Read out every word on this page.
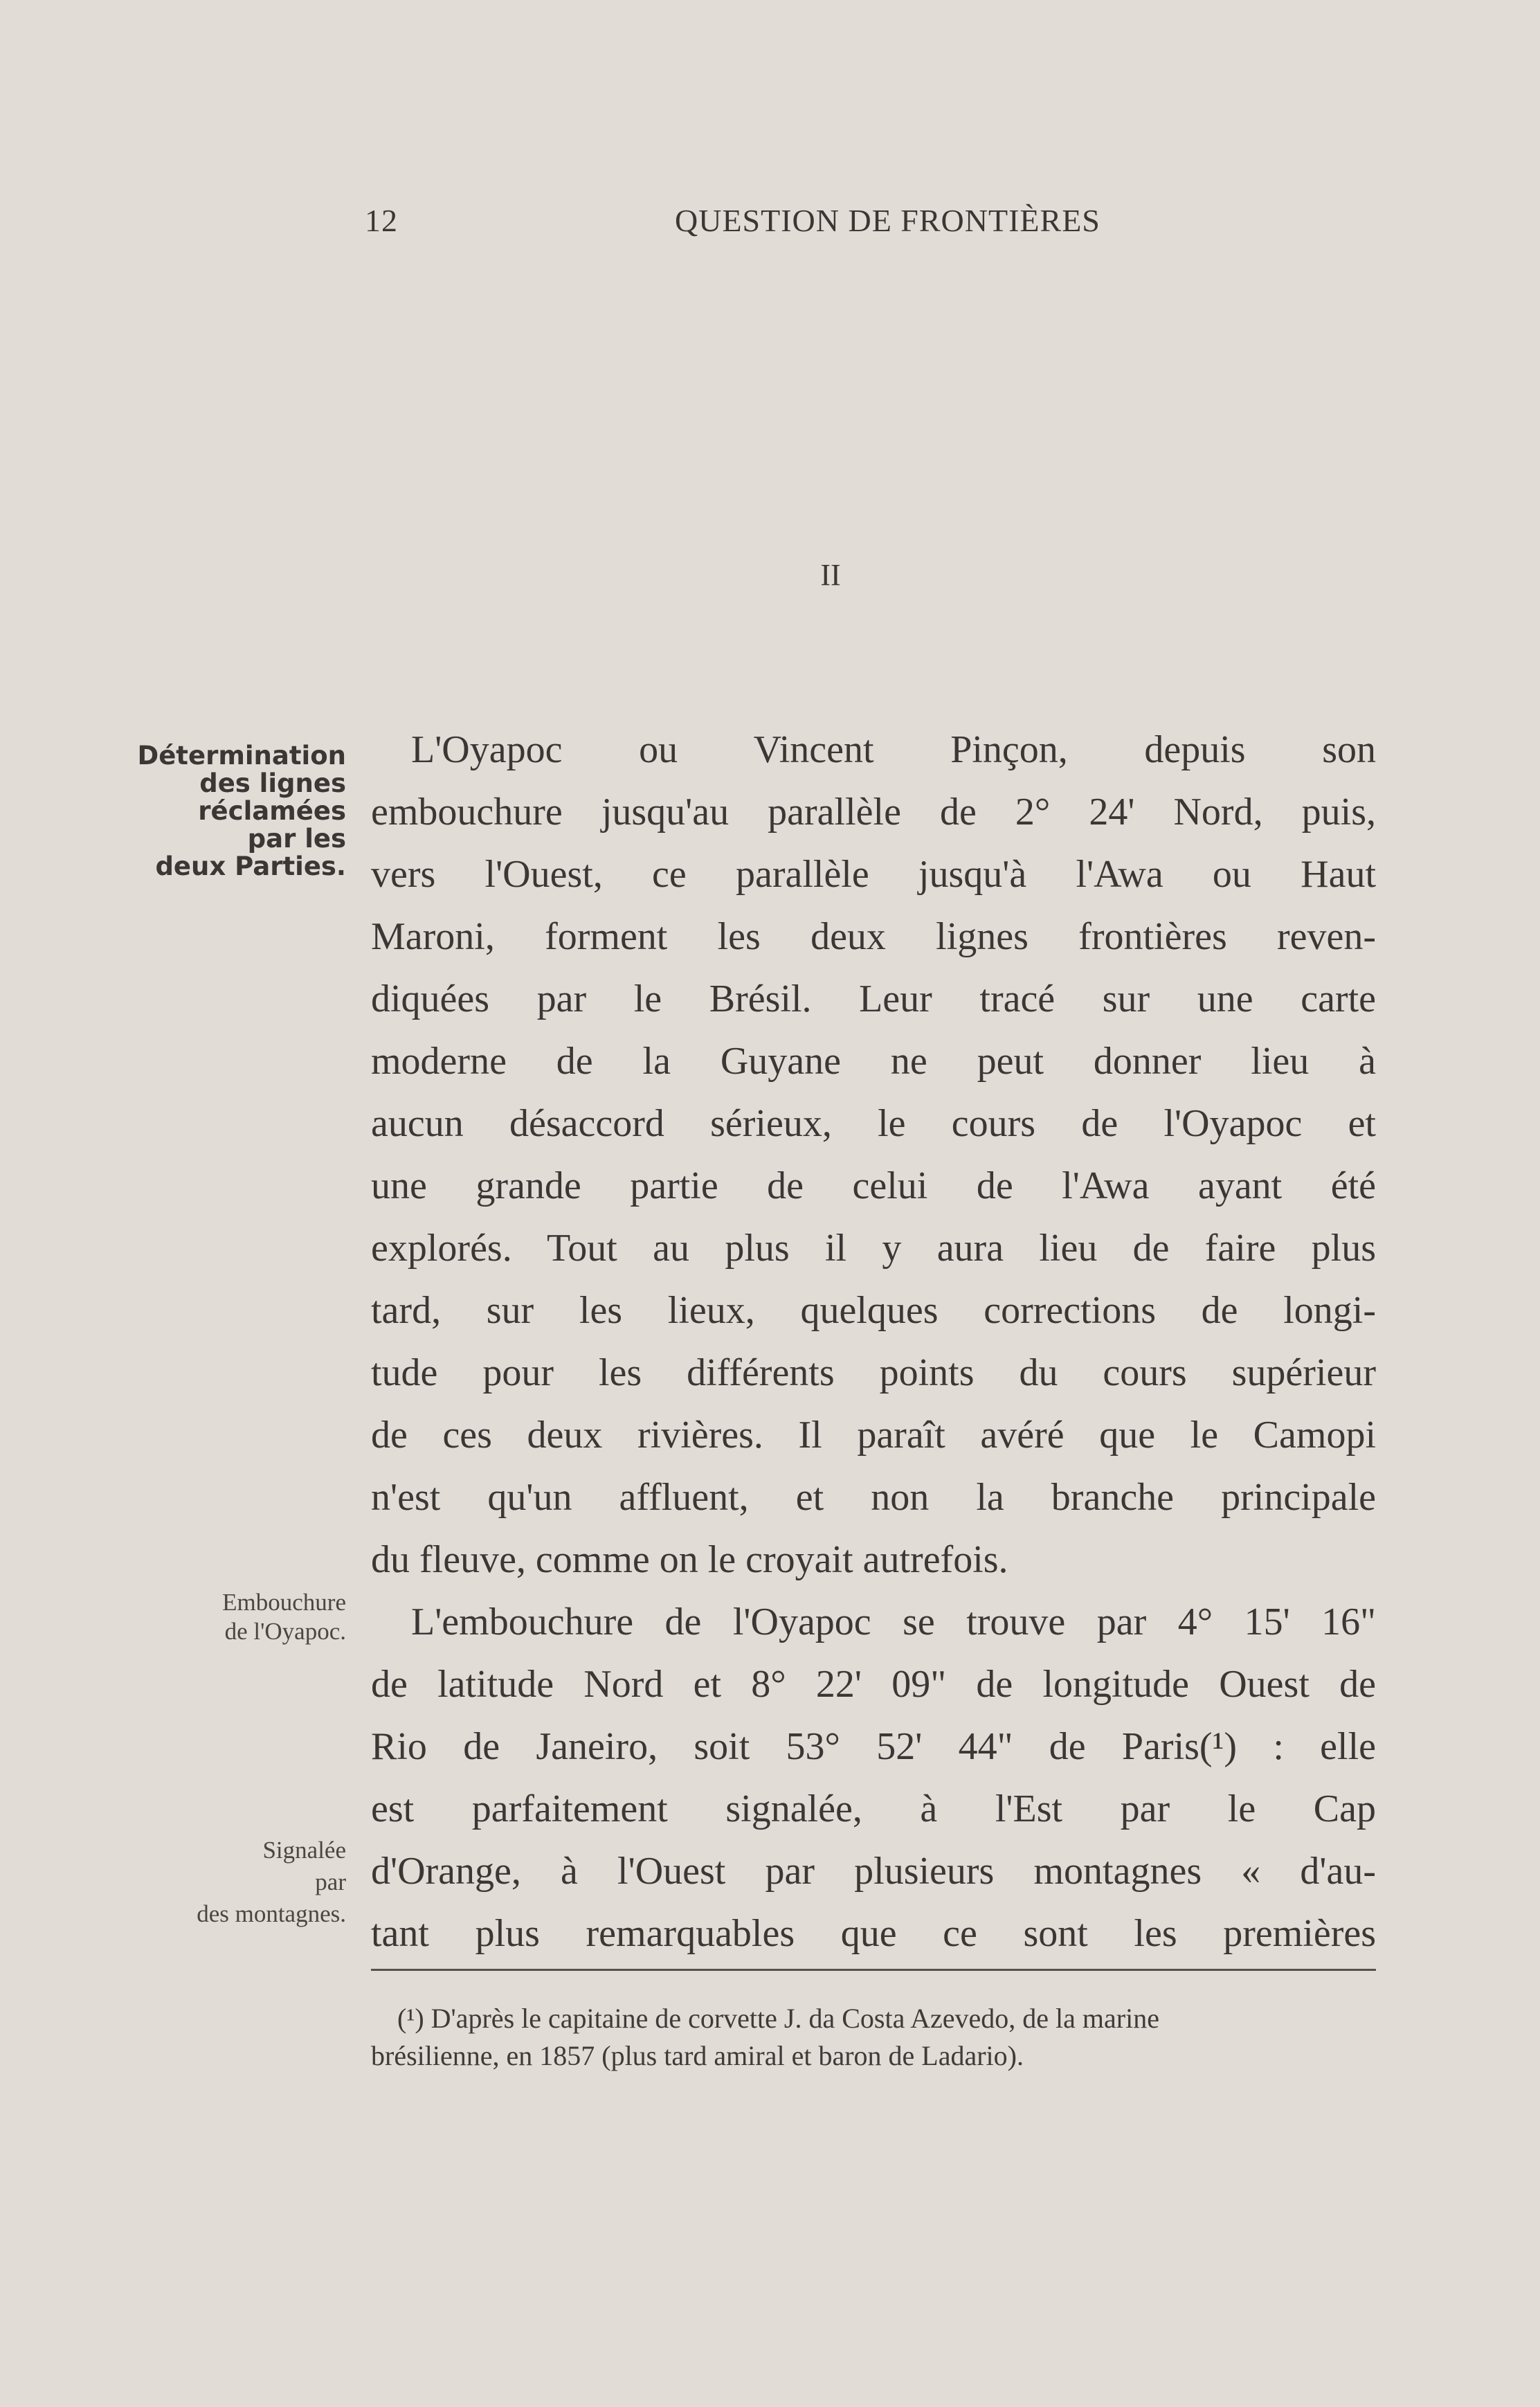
12	QUESTION DE FRONTIÈRES
II
Détermination
des lignes
réclamées
par les
deux Parties.
Embouchure
de l'Oyapoc.
Signalée
par
des montagnes.
L'Oyapoc ou Vincent Pinçon, depuis son
embouchure jusqu'au parallèle de 2° 24' Nord, puis,
vers l'Ouest, ce parallèle jusqu'à l'Awa ou Haut
Maroni, forment les deux lignes frontières reven-
diquées par le Brésil. Leur tracé sur une carte
moderne de la Guyane ne peut donner lieu à
aucun désaccord sérieux, le cours de l'Oyapoc et
une grande partie de celui de l'Awa ayant été
explorés. Tout au plus il y aura lieu de faire plus
tard, sur les lieux, quelques corrections de longi-
tude pour les différents points du cours supérieur
de ces deux rivières. Il paraît avéré que le Camopi
n'est qu'un affluent, et non la branche principale
du fleuve, comme on le croyait autrefois.
L'embouchure de l'Oyapoc se trouve par 4° 15' 16"
de latitude Nord et 8° 22' 09" de longitude Ouest de
Rio de Janeiro, soit 53° 52' 44" de Paris(¹) : elle
est parfaitement signalée, à l'Est par le Cap
d'Orange, à l'Ouest par plusieurs montagnes « d'au-
tant plus remarquables que ce sont les premières
(¹) D'après le capitaine de corvette J. da Costa Azevedo, de la marine
brésilienne, en 1857 (plus tard amiral et baron de Ladario).
